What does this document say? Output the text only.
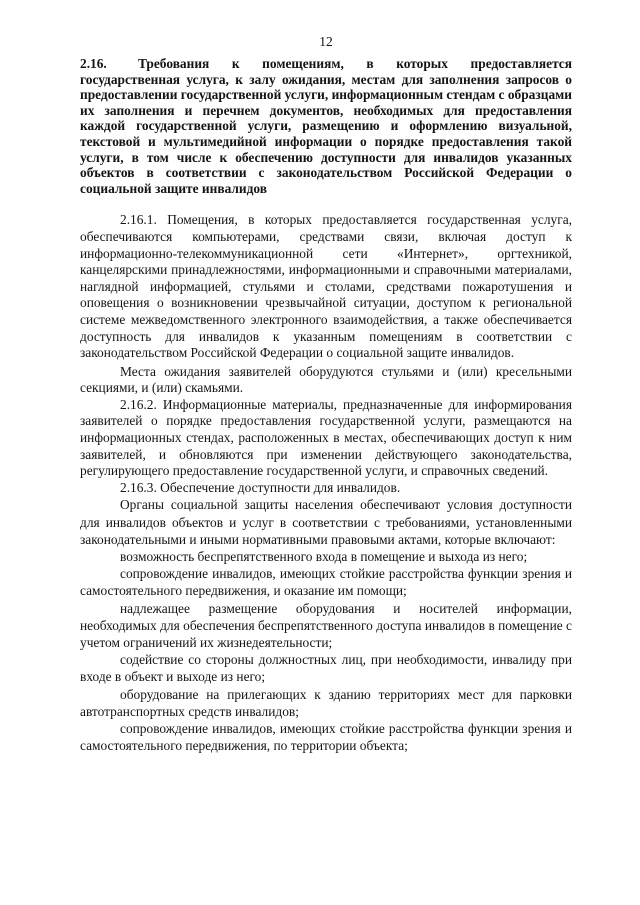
12

2.16. Требования к помещениям, в которых предоставляется государственная услуга, к залу ожидания, местам для заполнения запросов о предоставлении государственной услуги, информационным стендам с образцами их заполнения и перечнем документов, необходимых для предоставления каждой государственной услуги, размещению и оформлению визуальной, текстовой и мультимедийной информации о порядке предоставления такой услуги, в том числе к обеспечению доступности для инвалидов указанных объектов в соответствии с законодательством Российской Федерации о социальной защите инвалидов

2.16.1. Помещения, в которых предоставляется государственная услуга, обеспечиваются компьютерами, средствами связи, включая доступ к информационно-телекоммуникационной сети «Интернет», оргтехникой, канцелярскими принадлежностями, информационными и справочными материалами, наглядной информацией, стульями и столами, средствами пожаротушения и оповещения о возникновении чрезвычайной ситуации, доступом к региональной системе межведомственного электронного взаимодействия, а также обеспечивается доступность для инвалидов к указанным помещениям в соответствии с законодательством Российской Федерации о социальной защите инвалидов.

Места ожидания заявителей оборудуются стульями и (или) кресельными секциями, и (или) скамьями.

2.16.2. Информационные материалы, предназначенные для информирования заявителей о порядке предоставления государственной услуги, размещаются на информационных стендах, расположенных в местах, обеспечивающих доступ к ним заявителей, и обновляются при изменении действующего законодательства, регулирующего предоставление государственной услуги, и справочных сведений.

2.16.3. Обеспечение доступности для инвалидов.

Органы социальной защиты населения обеспечивают условия доступности для инвалидов объектов и услуг в соответствии с требованиями, установленными законодательными и иными нормативными правовыми актами, которые включают:

возможность беспрепятственного входа в помещение и выхода из него;

сопровождение инвалидов, имеющих стойкие расстройства функции зрения и самостоятельного передвижения, и оказание им помощи;

надлежащее размещение оборудования и носителей информации, необходимых для обеспечения беспрепятственного доступа инвалидов в помещение с учетом ограничений их жизнедеятельности;

содействие со стороны должностных лиц, при необходимости, инвалиду при входе в объект и выходе из него;

оборудование на прилегающих к зданию территориях мест для парковки автотранспортных средств инвалидов;

сопровождение инвалидов, имеющих стойкие расстройства функции зрения и самостоятельного передвижения, по территории объекта;
